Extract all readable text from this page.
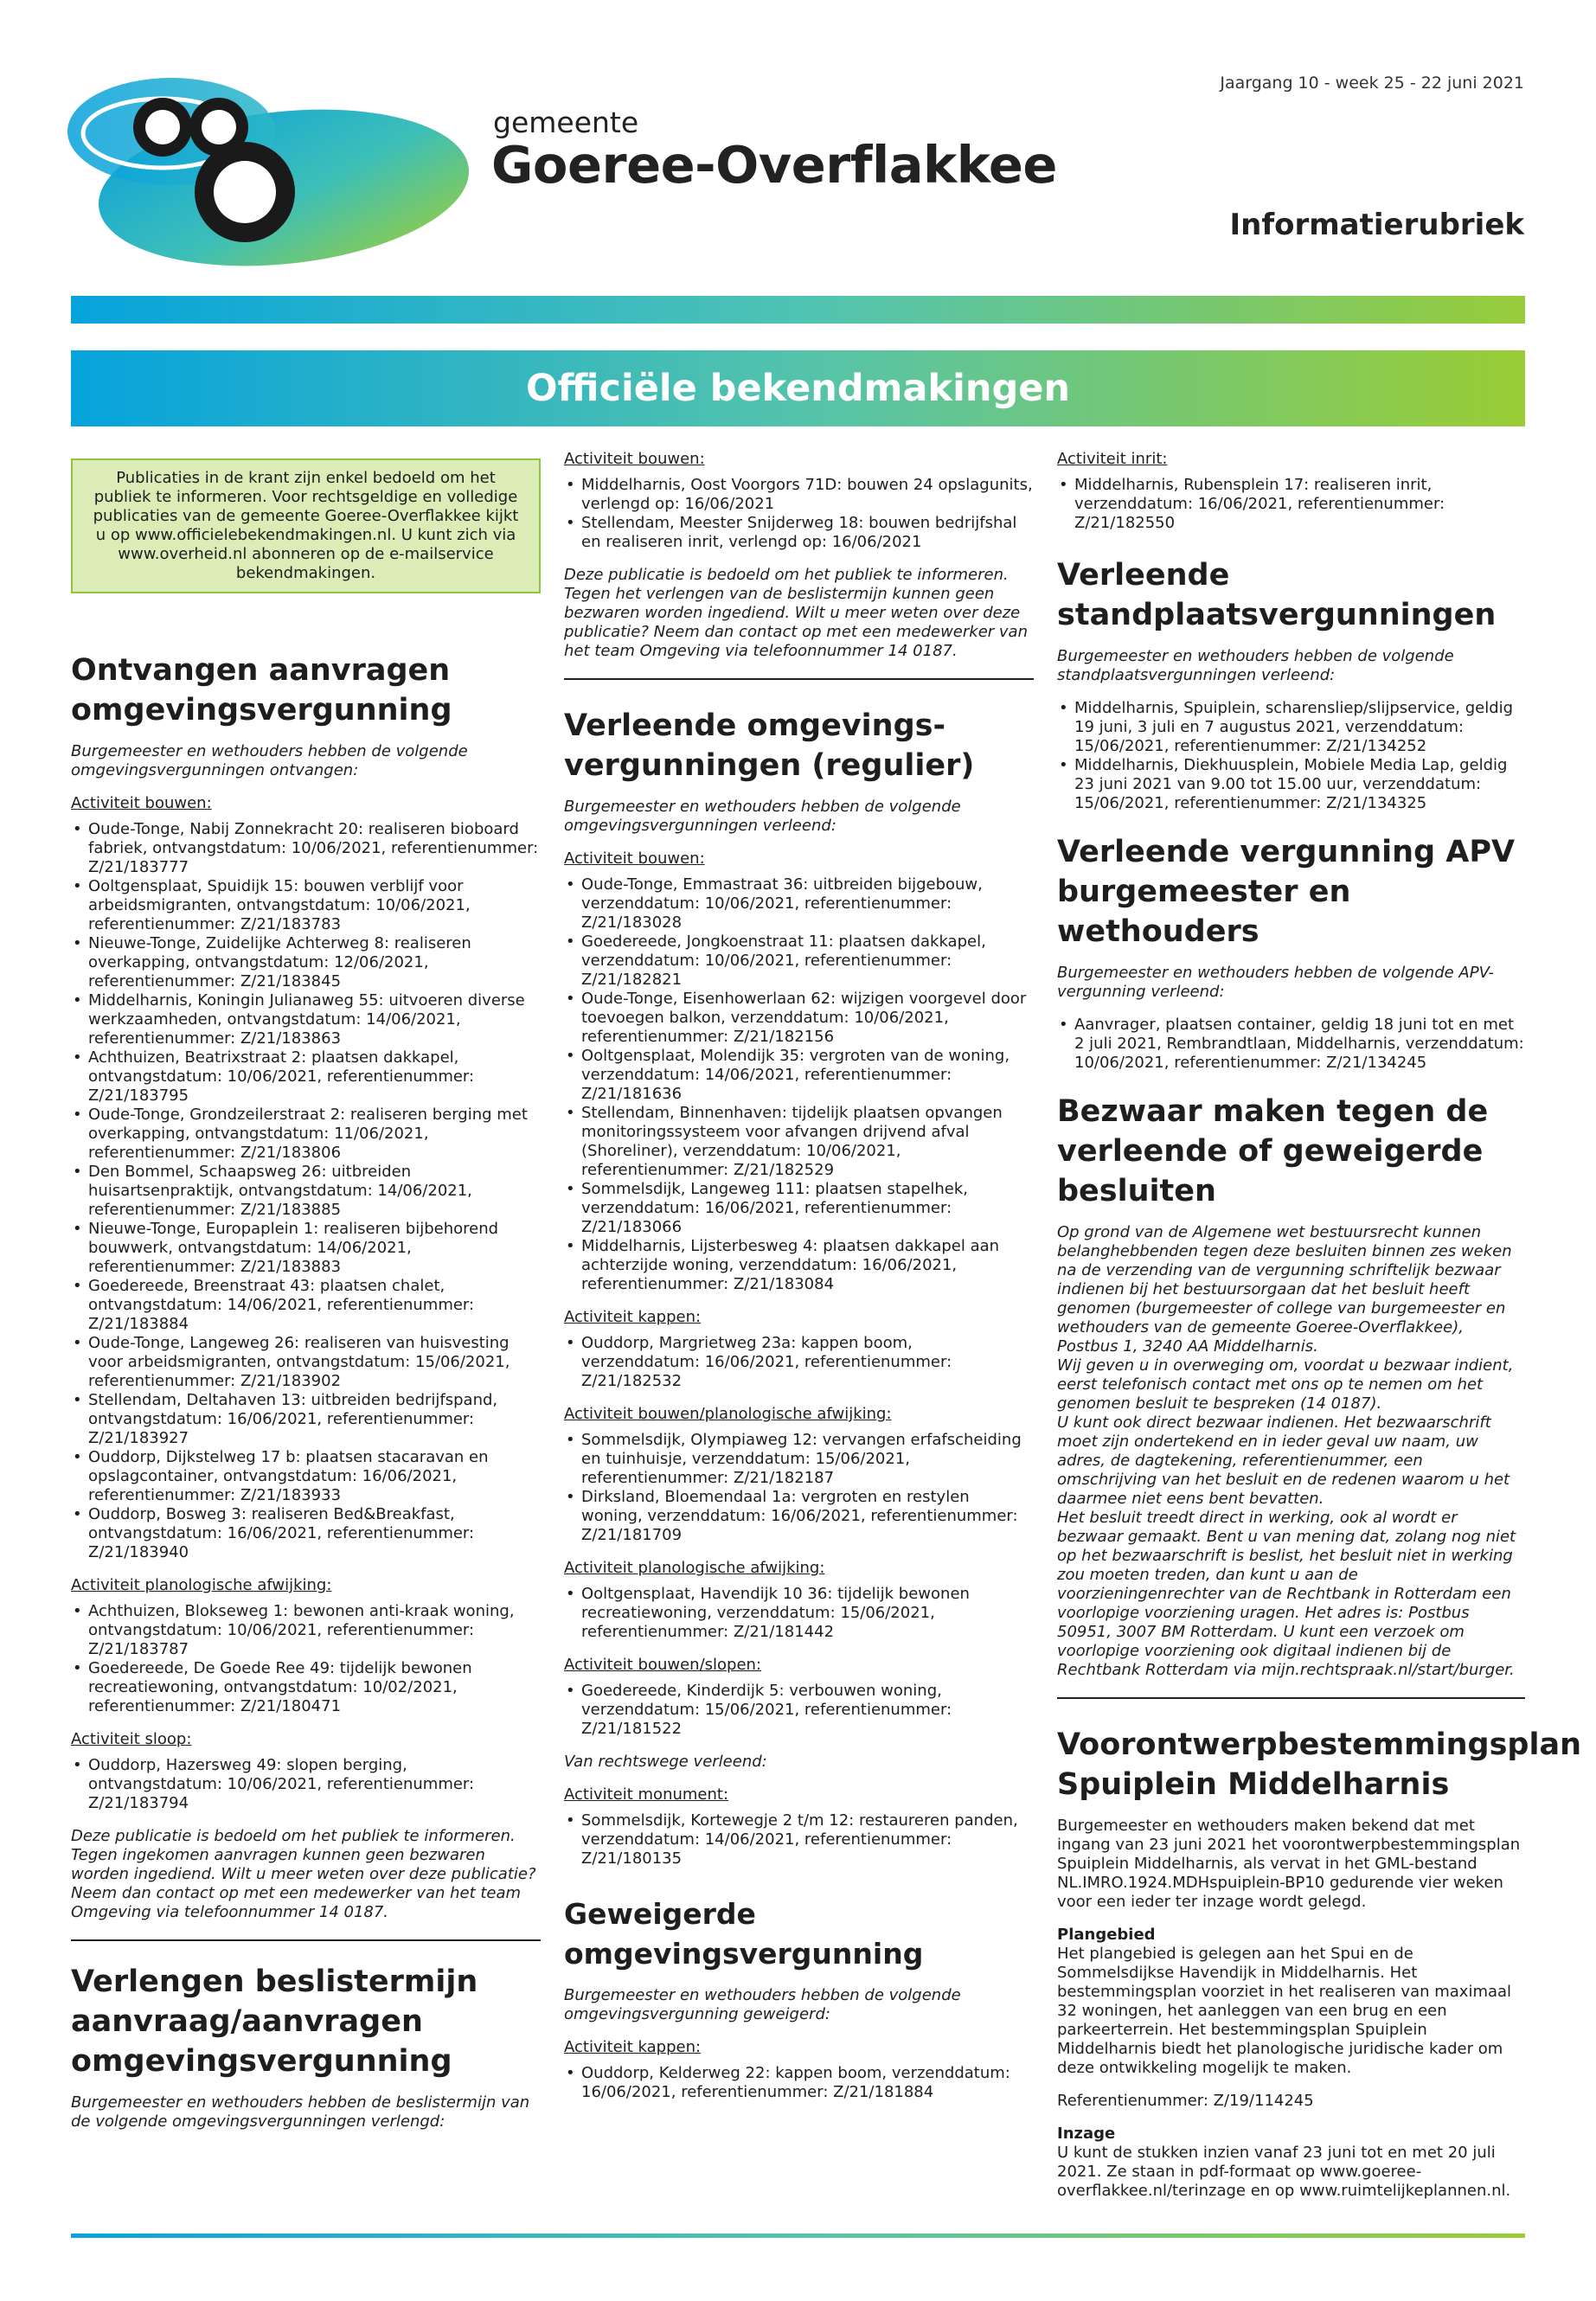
Jaargang 10 - week 25 - 22 juni 2021
gemeente
Goeree-Overflakkee
Informatierubriek
Officiële bekendmakingen
Publicaties in de krant zijn enkel bedoeld om het publiek te informeren. Voor rechtsgeldige en volledige publicaties van de gemeente Goeree-Overflakkee kijkt u op www.officielebekendmakingen.nl. U kunt zich via www.overheid.nl abonneren op de e-mailservice bekendmakingen.
Ontvangen aanvragen omgevingsvergunning
Burgemeester en wethouders hebben de volgende omgevingsvergunningen ontvangen:
Activiteit bouwen:
• Oude-Tonge, Nabij Zonnekracht 20: realiseren bioboard fabriek, ontvangstdatum: 10/06/2021, referentienummer: Z/21/183777
• Ooltgensplaat, Spuidijk 15: bouwen verblijf voor arbeidsmigranten, ontvangstdatum: 10/06/2021, referentienummer: Z/21/183783
• Nieuwe-Tonge, Zuidelijke Achterweg 8: realiseren overkapping, ontvangstdatum: 12/06/2021, referentienummer: Z/21/183845
• Middelharnis, Koningin Julianaweg 55: uitvoeren diverse werkzaamheden, ontvangstdatum: 14/06/2021, referentienummer: Z/21/183863
• Achthuizen, Beatrixstraat 2: plaatsen dakkapel, ontvangstdatum: 10/06/2021, referentienummer: Z/21/183795
• Oude-Tonge, Grondzeilerstraat 2: realiseren berging met overkapping, ontvangstdatum: 11/06/2021, referentienummer: Z/21/183806
• Den Bommel, Schaapsweg 26: uitbreiden huisartsenpraktijk, ontvangstdatum: 14/06/2021, referentienummer: Z/21/183885
• Nieuwe-Tonge, Europaplein 1: realiseren bijbehorend bouwwerk, ontvangstdatum: 14/06/2021, referentienummer: Z/21/183883
• Goedereede, Breenstraat 43: plaatsen chalet, ontvangstdatum: 14/06/2021, referentienummer: Z/21/183884
• Oude-Tonge, Langeweg 26: realiseren van huisvesting voor arbeidsmigranten, ontvangstdatum: 15/06/2021, referentienummer: Z/21/183902
• Stellendam, Deltahaven 13: uitbreiden bedrijfspand, ontvangstdatum: 16/06/2021, referentienummer: Z/21/183927
• Ouddorp, Dijkstelweg 17 b: plaatsen stacaravan en opslagcontainer, ontvangstdatum: 16/06/2021, referentienummer: Z/21/183933
• Ouddorp, Bosweg 3: realiseren Bed&Breakfast, ontvangstdatum: 16/06/2021, referentienummer: Z/21/183940
Activiteit planologische afwijking:
• Achthuizen, Blokseweg 1: bewonen anti-kraak woning, ontvangstdatum: 10/06/2021, referentienummer: Z/21/183787
• Goedereede, De Goede Ree 49: tijdelijk bewonen recreatiewoning, ontvangstdatum: 10/02/2021, referentienummer: Z/21/180471
Activiteit sloop:
• Ouddorp, Hazersweg 49: slopen berging, ontvangstdatum: 10/06/2021, referentienummer: Z/21/183794
Deze publicatie is bedoeld om het publiek te informeren. Tegen ingekomen aanvragen kunnen geen bezwaren worden ingediend. Wilt u meer weten over deze publicatie? Neem dan contact op met een medewerker van het team Omgeving via telefoonnummer 14 0187.
Verlengen beslistermijn aanvraag/aanvragen omgevingsvergunning
Burgemeester en wethouders hebben de beslistermijn van de volgende omgevingsvergunningen verlengd:
Activiteit bouwen:
• Middelharnis, Oost Voorgors 71D: bouwen 24 opslagunits, verlengd op: 16/06/2021
• Stellendam, Meester Snijderweg 18: bouwen bedrijfshal en realiseren inrit, verlengd op: 16/06/2021
Deze publicatie is bedoeld om het publiek te informeren. Tegen het verlengen van de beslistermijn kunnen geen bezwaren worden ingediend. Wilt u meer weten over deze publicatie? Neem dan contact op met een medewerker van het team Omgeving via telefoonnummer 14 0187.
Verleende omgevings-vergunningen (regulier)
Burgemeester en wethouders hebben de volgende omgevingsvergunningen verleend:
Activiteit bouwen:
• Oude-Tonge, Emmastraat 36: uitbreiden bijgebouw, verzenddatum: 10/06/2021, referentienummer: Z/21/183028
• Goedereede, Jongkoenstraat 11: plaatsen dakkapel, verzenddatum: 10/06/2021, referentienummer: Z/21/182821
• Oude-Tonge, Eisenhowerlaan 62: wijzigen voorgevel door toevoegen balkon, verzenddatum: 10/06/2021, referentienummer: Z/21/182156
• Ooltgensplaat, Molendijk 35: vergroten van de woning, verzenddatum: 14/06/2021, referentienummer: Z/21/181636
• Stellendam, Binnenhaven: tijdelijk plaatsen opvangen monitoringssysteem voor afvangen drijvend afval (Shoreliner), verzenddatum: 10/06/2021, referentienummer: Z/21/182529
• Sommelsdijk, Langeweg 111: plaatsen stapelhek, verzenddatum: 16/06/2021, referentienummer: Z/21/183066
• Middelharnis, Lijsterbesweg 4: plaatsen dakkapel aan achterzijde woning, verzenddatum: 16/06/2021, referentienummer: Z/21/183084
Activiteit kappen:
• Ouddorp, Margrietweg 23a: kappen boom, verzenddatum: 16/06/2021, referentienummer: Z/21/182532
Activiteit bouwen/planologische afwijking:
• Sommelsdijk, Olympiaweg 12: vervangen erfafscheiding en tuinhuisje, verzenddatum: 15/06/2021, referentienummer: Z/21/182187
• Dirksland, Bloemendaal 1a: vergroten en restylen woning, verzenddatum: 16/06/2021, referentienummer: Z/21/181709
Activiteit planologische afwijking:
• Ooltgensplaat, Havendijk 10 36: tijdelijk bewonen recreatiewoning, verzenddatum: 15/06/2021, referentienummer: Z/21/181442
Activiteit bouwen/slopen:
• Goedereede, Kinderdijk 5: verbouwen woning, verzenddatum: 15/06/2021, referentienummer: Z/21/181522
Van rechtswege verleend:
Activiteit monument:
• Sommelsdijk, Kortewegje 2 t/m 12: restaureren panden, verzenddatum: 14/06/2021, referentienummer: Z/21/180135
Geweigerde omgevingsvergunning
Burgemeester en wethouders hebben de volgende omgevingsvergunning geweigerd:
Activiteit kappen:
• Ouddorp, Kelderweg 22: kappen boom, verzenddatum: 16/06/2021, referentienummer: Z/21/181884
Activiteit inrit:
• Middelharnis, Rubensplein 17: realiseren inrit, verzenddatum: 16/06/2021, referentienummer: Z/21/182550
Verleende standplaatsvergunningen
Burgemeester en wethouders hebben de volgende standplaatsvergunningen verleend:
• Middelharnis, Spuiplein, scharensliep/slijpservice, geldig 19 juni, 3 juli en 7 augustus 2021, verzenddatum: 15/06/2021, referentienummer: Z/21/134252
• Middelharnis, Diekhuusplein, Mobiele Media Lap, geldig 23 juni 2021 van 9.00 tot 15.00 uur, verzenddatum: 15/06/2021, referentienummer: Z/21/134325
Verleende vergunning APV burgemeester en wethouders
Burgemeester en wethouders hebben de volgende APV-vergunning verleend:
• Aanvrager, plaatsen container, geldig 18 juni tot en met 2 juli 2021, Rembrandtlaan, Middelharnis, verzenddatum: 10/06/2021, referentienummer: Z/21/134245
Bezwaar maken tegen de verleende of geweigerde besluiten
Op grond van de Algemene wet bestuursrecht kunnen belanghebbenden tegen deze besluiten binnen zes weken na de verzending van de vergunning schriftelijk bezwaar indienen bij het bestuursorgaan dat het besluit heeft genomen (burgemeester of college van burgemeester en wethouders van de gemeente Goeree-Overflakkee), Postbus 1, 3240 AA Middelharnis.
Wij geven u in overweging om, voordat u bezwaar indient, eerst telefonisch contact met ons op te nemen om het genomen besluit te bespreken (14 0187).
U kunt ook direct bezwaar indienen. Het bezwaarschrift moet zijn ondertekend en in ieder geval uw naam, uw adres, de dagtekening, referentienummer, een omschrijving van het besluit en de redenen waarom u het daarmee niet eens bent bevatten.
Het besluit treedt direct in werking, ook al wordt er bezwaar gemaakt. Bent u van mening dat, zolang nog niet op het bezwaarschrift is beslist, het besluit niet in werking zou moeten treden, dan kunt u aan de voorzieningenrechter van de Rechtbank in Rotterdam een voorlopige voorziening uragen. Het adres is: Postbus 50951, 3007 BM Rotterdam. U kunt een verzoek om voorlopige voorziening ook digitaal indienen bij de Rechtbank Rotterdam via mijn.rechtspraak.nl/start/burger.
Voorontwerpbestemmingsplan Spuiplein Middelharnis
Burgemeester en wethouders maken bekend dat met ingang van 23 juni 2021 het voorontwerpbestemmingsplan Spuiplein Middelharnis, als vervat in het GML-bestand NL.IMRO.1924.MDHspuiplein-BP10 gedurende vier weken voor een ieder ter inzage wordt gelegd.
Plangebied
Het plangebied is gelegen aan het Spui en de Sommelsdijkse Havendijk in Middelharnis. Het bestemmingsplan voorziet in het realiseren van maximaal 32 woningen, het aanleggen van een brug en een parkeerterrein. Het bestemmingsplan Spuiplein Middelharnis biedt het planologische juridische kader om deze ontwikkeling mogelijk te maken.
Referentienummer: Z/19/114245
Inzage
U kunt de stukken inzien vanaf 23 juni tot en met 20 juli 2021. Ze staan in pdf-formaat op www.goeree-overflakkee.nl/terinzage en op www.ruimtelijkeplannen.nl.
